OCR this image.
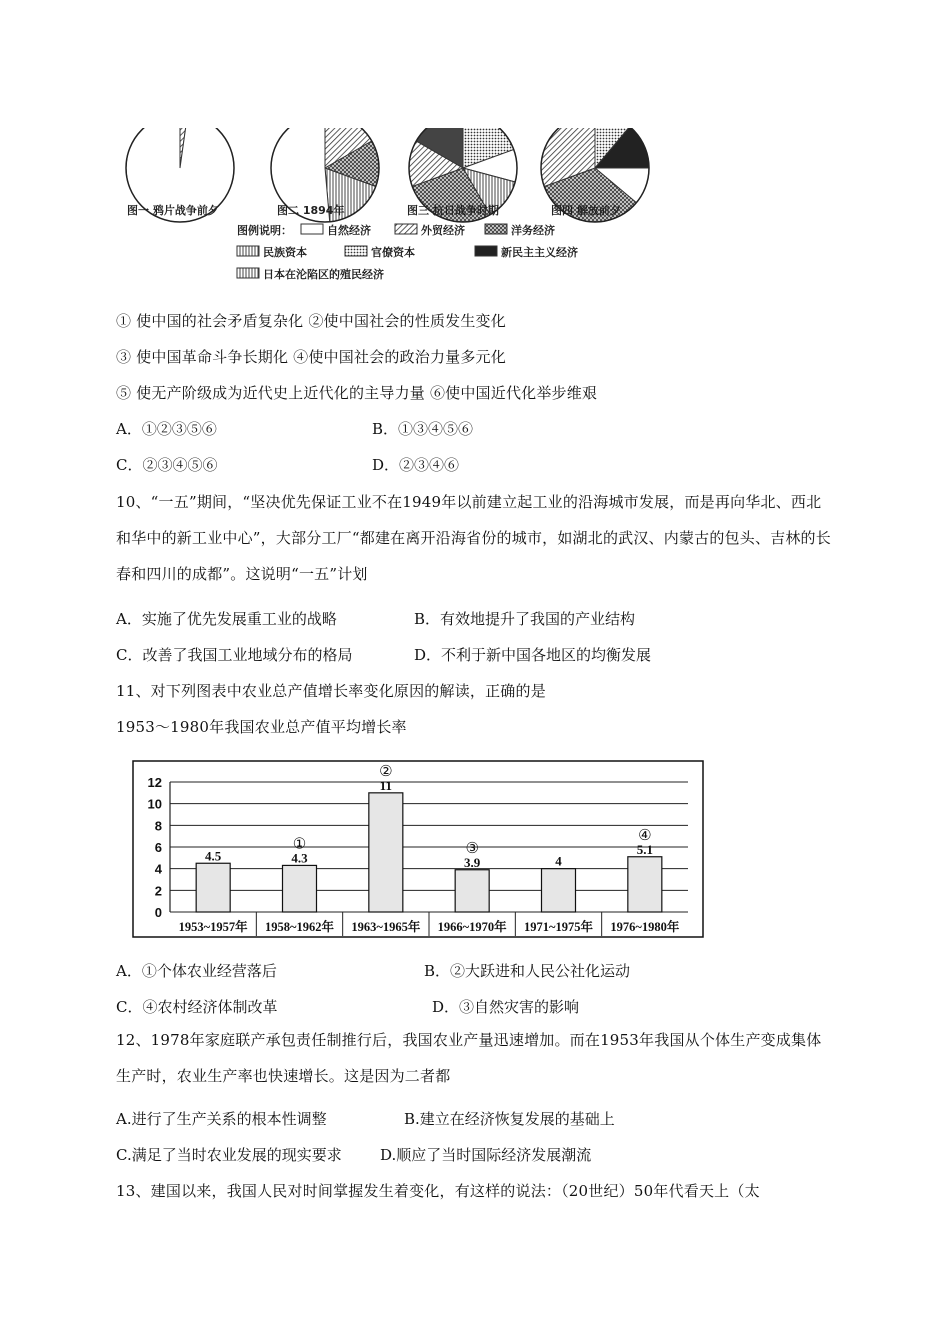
图一 鸦片战争前夕	图二 1894年	图三 抗日战争时期	图四 解放前夕
图例说明：	自然经济	外贸经济	洋务经济
民族资本	官僚资本	新民主主义经济
日本在沦陷区的殖民经济
① 使中国的社会矛盾复杂化 ②使中国社会的性质发生变化
③ 使中国革命斗争长期化 ④使中国社会的政治力量多元化
⑤ 使无产阶级成为近代史上近代化的主导力量 ⑥使中国近代化举步维艰
A．①②③⑤⑥	B．①③④⑤⑥
C．②③④⑤⑥	D．②③④⑥
10、“一五”期间，“坚决优先保证工业不在1949年以前建立起工业的沿海城市发展，而是再向华北、西北和华中的新工业中心”，大部分工厂“都建在离开沿海省份的城市，如湖北的武汉、内蒙古的包头、吉林的长春和四川的成都”。这说明“一五”计划
A．实施了优先发展重工业的战略	B．有效地提升了我国的产业结构
C．改善了我国工业地域分布的格局	D．不利于新中国各地区的均衡发展
11、对下列图表中农业总产值增长率变化原因的解读，正确的是
1953～1980年我国农业总产值平均增长率
0
2
4
6
8
10
12
4.5
1953~1957年
4.3
①
1958~1962年
11
②
1963~1965年
3.9
③
1966~1970年
4
1971~1975年
5.1
④
1976~1980年
A．①个体农业经营落后	B．②大跃进和人民公社化运动
C．④农村经济体制改革	D．③自然灾害的影响
12、1978年家庭联产承包责任制推行后，我国农业产量迅速增加。而在1953年我国从个体生产变成集体生产时，农业生产率也快速增长。这是因为二者都
A.进行了生产关系的根本性调整	B.建立在经济恢复发展的基础上
C.满足了当时农业发展的现实要求	D.顺应了当时国际经济发展潮流
13、建国以来，我国人民对时间掌握发生着变化，有这样的说法：（20世纪）50年代看天上（太
